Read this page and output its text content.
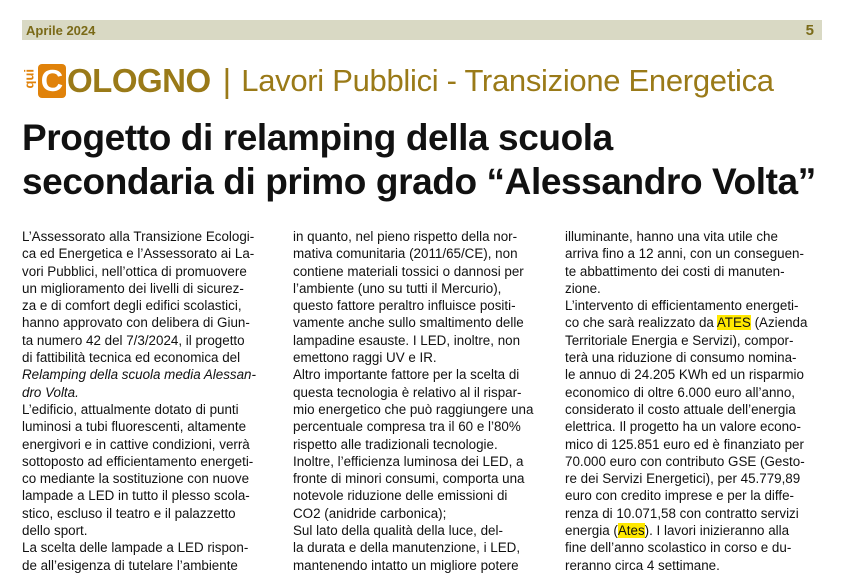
Aprile 2024	5
qui C OLOGNO | Lavori Pubblici - Transizione Energetica
Progetto di relamping della scuola
secondaria di primo grado “Alessandro Volta”
L’Assessorato alla Transizione Ecologi-
ca ed Energetica e l’Assessorato ai La-
vori Pubblici, nell’ottica di promuovere
un miglioramento dei livelli di sicurez-
za e di comfort degli edifici scolastici,
hanno approvato con delibera di Giun-
ta numero 42 del 7/3/2024, il progetto
di fattibilità tecnica ed economica del
Relamping della scuola media Alessan-
dro Volta.
L’edificio, attualmente dotato di punti
luminosi a tubi fluorescenti, altamente
energivori e in cattive condizioni, verrà
sottoposto ad efficientamento energeti-
co mediante la sostituzione con nuove
lampade a LED in tutto il plesso scola-
stico, escluso il teatro e il palazzetto
dello sport.
La scelta delle lampade a LED rispon-
de all’esigenza di tutelare l’ambiente
in quanto, nel pieno rispetto della nor-
mativa comunitaria (2011/65/CE), non
contiene materiali tossici o dannosi per
l’ambiente (uno su tutti il Mercurio),
questo fattore peraltro influisce positi-
vamente anche sullo smaltimento delle
lampadine esauste. I LED, inoltre, non
emettono raggi UV e IR.
Altro importante fattore per la scelta di
questa tecnologia è relativo al il rispar-
mio energetico che può raggiungere una
percentuale compresa tra il 60 e l’80%
rispetto alle tradizionali tecnologie.
Inoltre, l’efficienza luminosa dei LED, a
fronte di minori consumi, comporta una
notevole riduzione delle emissioni di
CO2 (anidride carbonica);
Sul lato della qualità della luce, del-
la durata e della manutenzione, i LED,
mantenendo intatto un migliore potere
illuminante, hanno una vita utile che
arriva fino a 12 anni, con un conseguen-
te abbattimento dei costi di manuten-
zione.
L’intervento di efficientamento energeti-
co che sarà realizzato da ATES (Azienda
Territoriale Energia e Servizi), compor-
terà una riduzione di consumo nomina-
le annuo di 24.205 KWh ed un risparmio
economico di oltre 6.000 euro all’anno,
considerato il costo attuale dell’energia
elettrica. Il progetto ha un valore econo-
mico di 125.851 euro ed è finanziato per
70.000 euro con contributo GSE (Gesto-
re dei Servizi Energetici), per 45.779,89
euro con credito imprese e per la diffe-
renza di 10.071,58 con contratto servizi
energia (Ates). I lavori inizieranno alla
fine dell’anno scolastico in corso e du-
reranno circa 4 settimane.
